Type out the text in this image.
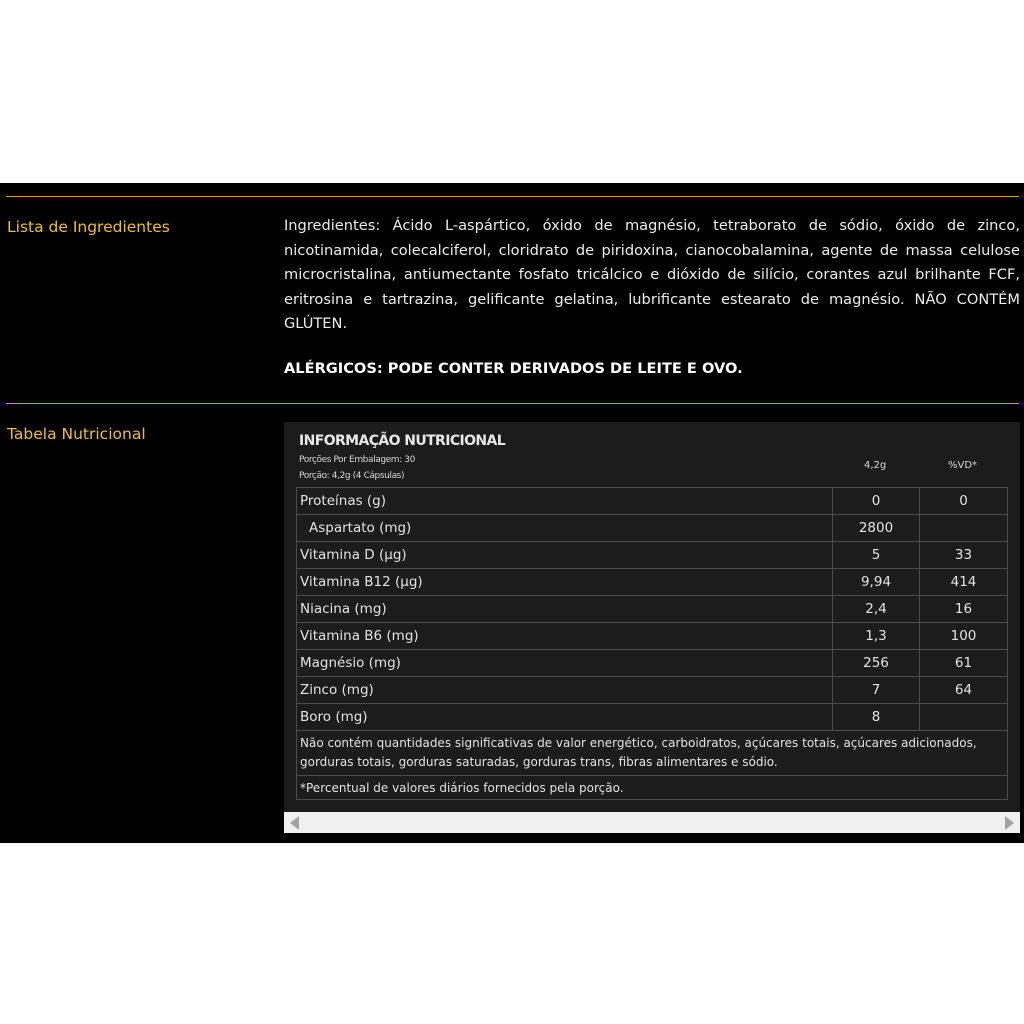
Lista de Ingredientes	Ingredientes: Ácido L-aspártico, óxido de magnésio, tetraborato de sódio, óxido de zinco, nicotinamida, colecalciferol, cloridrato de piridoxina, cianocobalamina, agente de massa celulose microcristalina, antiumectante fosfato tricálcico e dióxido de silício, corantes azul brilhante FCF, eritrosina e tartrazina, gelificante gelatina, lubrificante estearato de magnésio. NÃO CONTÉM GLÚTEN.
ALÉRGICOS: PODE CONTER DERIVADOS DE LEITE E OVO.
Tabela Nutricional	INFORMAÇÃO NUTRICIONAL
Porções Por Embalagem: 30
Porção: 4,2g (4 Cápsulas)
4,2g	%VD*
Proteínas (g)	0	0
Aspartato (mg)	2800	
Vitamina D (µg)	5	33
Vitamina B12 (µg)	9,94	414
Niacina (mg)	2,4	16
Vitamina B6 (mg)	1,3	100
Magnésio (mg)	256	61
Zinco (mg)	7	64
Boro (mg)	8	
Não contém quantidades significativas de valor energético, carboidratos, açúcares totais, açúcares adicionados, gorduras totais, gorduras saturadas, gorduras trans, fibras alimentares e sódio.		
*Percentual de valores diários fornecidos pela porção.		
